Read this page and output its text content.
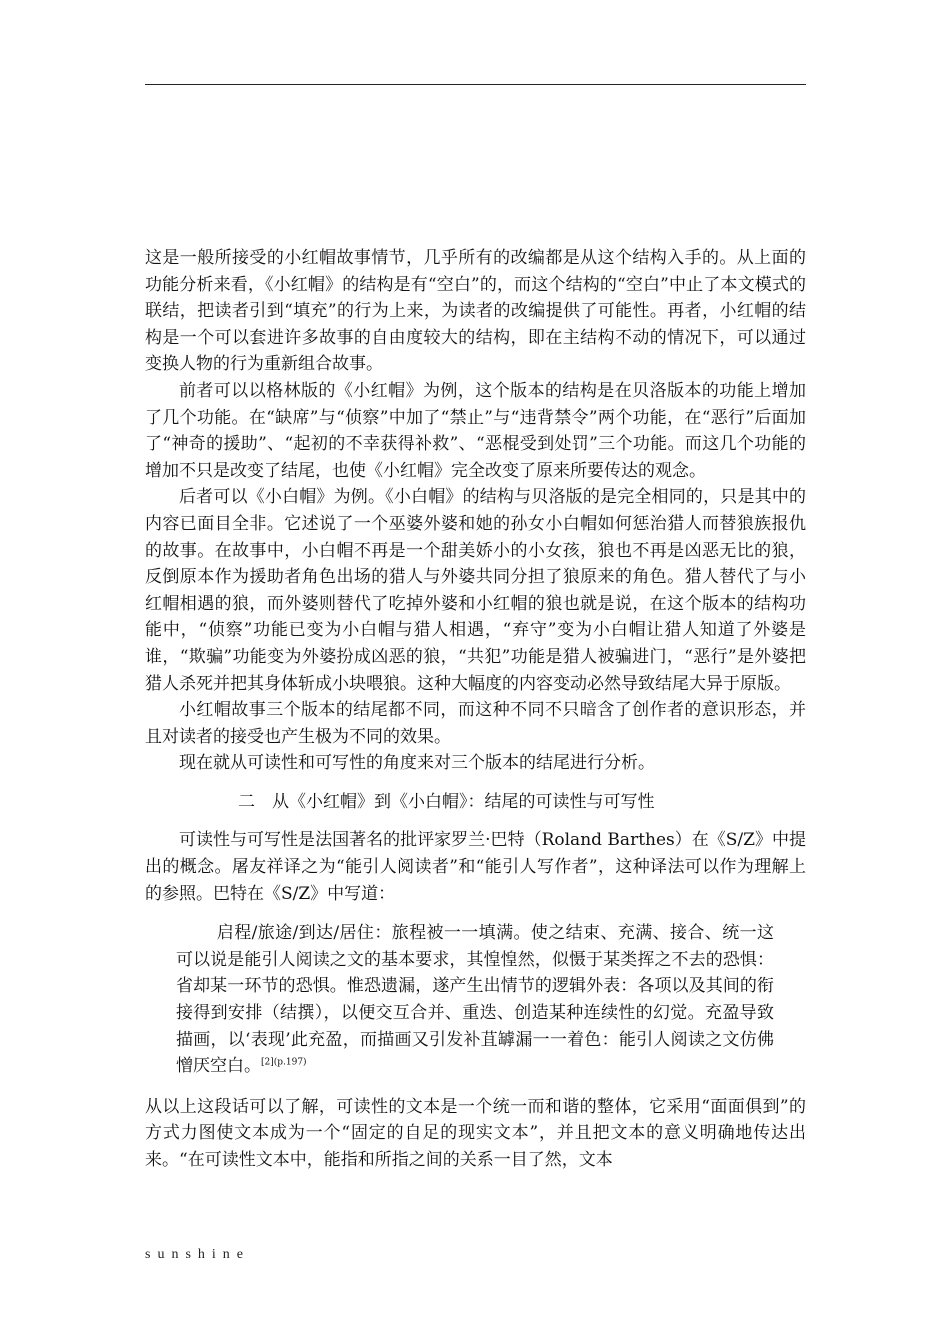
这是一般所接受的小红帽故事情节，几乎所有的改编都是从这个结构入手的。从上面的功能分析来看，《小红帽》的结构是有“空白”的，而这个结构的“空白”中止了本文模式的联结，把读者引到“填充”的行为上来，为读者的改编提供了可能性。再者，小红帽的结构是一个可以套进许多故事的自由度较大的结构，即在主结构不动的情况下，可以通过变换人物的行为重新组合故事。

前者可以以格林版的《小红帽》为例，这个版本的结构是在贝洛版本的功能上增加了几个功能。在“缺席”与“侦察”中加了“禁止”与“违背禁令”两个功能，在“恶行”后面加了“神奇的援助”、“起初的不幸获得补救”、“恶棍受到处罚”三个功能。而这几个功能的增加不只是改变了结尾，也使《小红帽》完全改变了原来所要传达的观念。

后者可以《小白帽》为例。《小白帽》的结构与贝洛版的是完全相同的，只是其中的内容已面目全非。它述说了一个巫婆外婆和她的孙女小白帽如何惩治猎人而替狼族报仇的故事。在故事中，小白帽不再是一个甜美娇小的小女孩，狼也不再是凶恶无比的狼，反倒原本作为援助者角色出场的猎人与外婆共同分担了狼原来的角色。猎人替代了与小红帽相遇的狼，而外婆则替代了吃掉外婆和小红帽的狼也就是说，在这个版本的结构功能中，“侦察”功能已变为小白帽与猎人相遇，“弃守”变为小白帽让猎人知道了外婆是谁，“欺骗”功能变为外婆扮成凶恶的狼，“共犯”功能是猎人被骗进门，“恶行”是外婆把猎人杀死并把其身体斩成小块喂狼。这种大幅度的内容变动必然导致结尾大异于原版。

小红帽故事三个版本的结尾都不同，而这种不同不只暗含了创作者的意识形态，并且对读者的接受也产生极为不同的效果。

现在就从可读性和可写性的角度来对三个版本的结尾进行分析。

二　从《小红帽》到《小白帽》：结尾的可读性与可写性

可读性与可写性是法国著名的批评家罗兰·巴特（Roland Barthes）在《S/Z》中提出的概念。屠友祥译之为“能引人阅读者”和“能引人写作者”，这种译法可以作为理解上的参照。巴特在《S/Z》中写道：

启程/旅途/到达/居住：旅程被一一填满。使之结束、充满、接合、统一这可以说是能引人阅读之文的基本要求，其惶惶然，似慑于某类挥之不去的恐惧：省却某一环节的恐惧。惟恐遗漏，遂产生出情节的逻辑外表：各项以及其间的衔接得到安排（结撰），以便交互合并、重迭、创造某种连续性的幻觉。充盈导致描画，以‘表现’此充盈，而描画又引发补苴罅漏一一着色：能引人阅读之文仿佛憎厌空白。$^{[2](p.197)}$

从以上这段话可以了解，可读性的文本是一个统一而和谐的整体，它采用“面面俱到”的方式力图使文本成为一个“固定的自足的现实文本”，并且把文本的意义明确地传达出来。“在可读性文本中，能指和所指之间的关系一目了然，文本

sunshine
